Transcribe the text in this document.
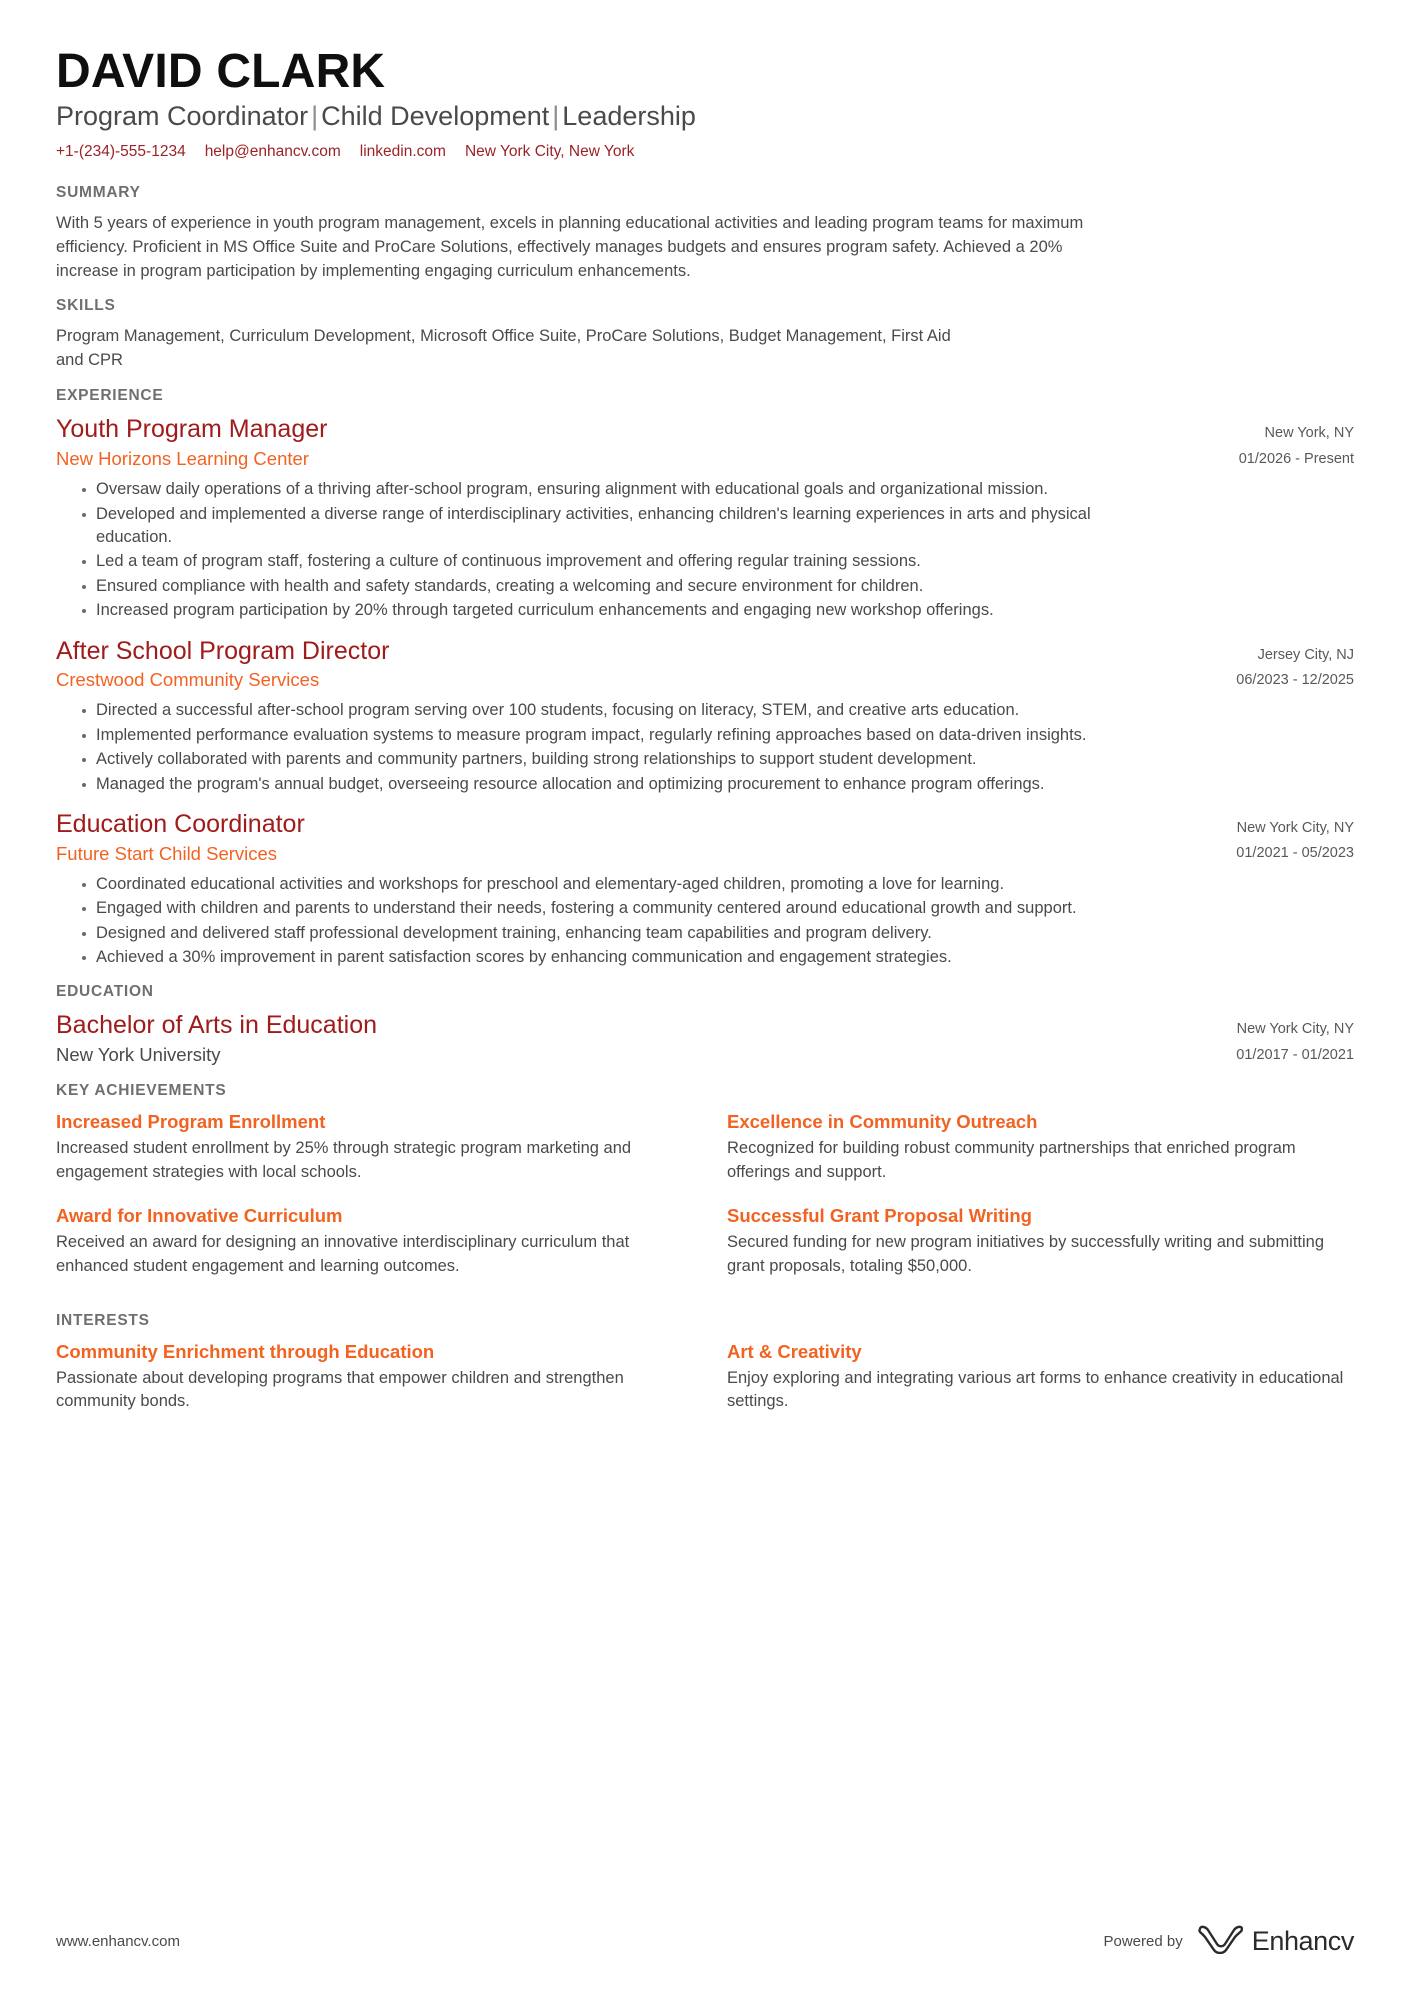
DAVID CLARK
Program Coordinator | Child Development | Leadership
+1-(234)-555-1234 help@enhancv.com linkedin.com New York City, New York
SUMMARY

With 5 years of experience in youth program management, excels in planning educational activities and leading program teams for maximum efficiency. Proficient in MS Office Suite and ProCare Solutions, effectively manages budgets and ensures program safety. Achieved a 20% increase in program participation by implementing engaging curriculum enhancements.

SKILLS

Program Management, Curriculum Development, Microsoft Office Suite, ProCare Solutions, Budget Management, First Aid and CPR

EXPERIENCE
Youth Program Manager
New Horizons Learning Center
New York, NY
01/2026 - Present
Oversaw daily operations of a thriving after-school program, ensuring alignment with educational goals and organizational mission.
Developed and implemented a diverse range of interdisciplinary activities, enhancing children's learning experiences in arts and physical education.
Led a team of program staff, fostering a culture of continuous improvement and offering regular training sessions.
Ensured compliance with health and safety standards, creating a welcoming and secure environment for children.
Increased program participation by 20% through targeted curriculum enhancements and engaging new workshop offerings.
After School Program Director
Crestwood Community Services
Jersey City, NJ
06/2023 - 12/2025
Directed a successful after-school program serving over 100 students, focusing on literacy, STEM, and creative arts education.
Implemented performance evaluation systems to measure program impact, regularly refining approaches based on data-driven insights.
Actively collaborated with parents and community partners, building strong relationships to support student development.
Managed the program's annual budget, overseeing resource allocation and optimizing procurement to enhance program offerings.
Education Coordinator
Future Start Child Services
New York City, NY
01/2021 - 05/2023
Coordinated educational activities and workshops for preschool and elementary-aged children, promoting a love for learning.
Engaged with children and parents to understand their needs, fostering a community centered around educational growth and support.
Designed and delivered staff professional development training, enhancing team capabilities and program delivery.
Achieved a 30% improvement in parent satisfaction scores by enhancing communication and engagement strategies.
EDUCATION
Bachelor of Arts in Education
New York University
New York City, NY
01/2017 - 01/2021
KEY ACHIEVEMENTS
Increased Program Enrollment

Increased student enrollment by 25% through strategic program marketing and engagement strategies with local schools.

Excellence in Community Outreach

Recognized for building robust community partnerships that enriched program offerings and support.

Award for Innovative Curriculum

Received an award for designing an innovative interdisciplinary curriculum that enhanced student engagement and learning outcomes.

Successful Grant Proposal Writing

Secured funding for new program initiatives by successfully writing and submitting grant proposals, totaling $50,000.

INTERESTS
Community Enrichment through Education

Passionate about developing programs that empower children and strengthen community bonds.

Art & Creativity

Enjoy exploring and integrating various art forms to enhance creativity in educational settings.

www.enhancv.com	Powered by	Enhancv
